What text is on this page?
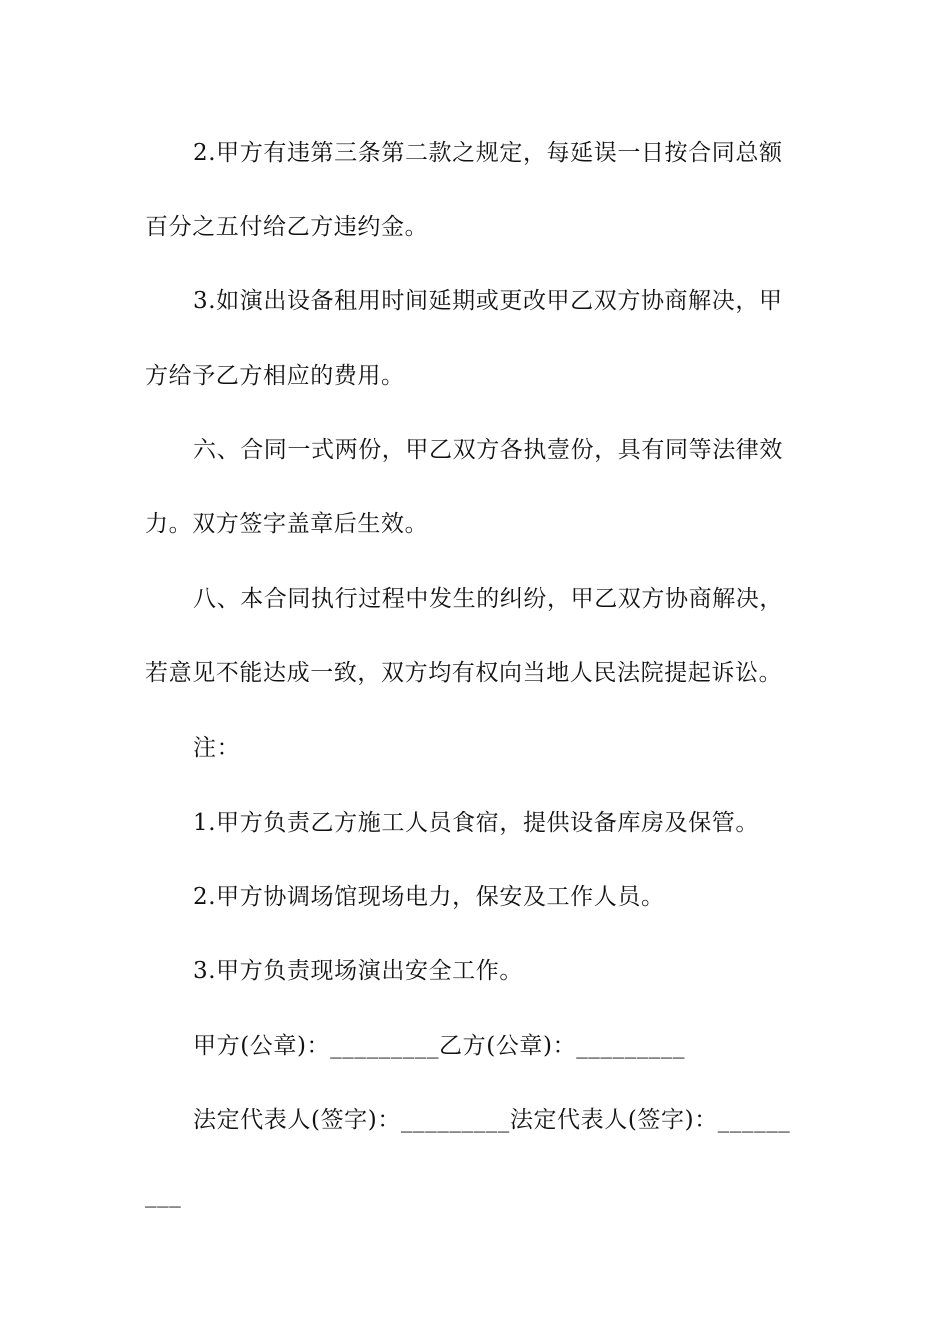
2.甲方有违第三条第二款之规定，每延误一日按合同总额
百分之五付给乙方违约金。
3.如演出设备租用时间延期或更改甲乙双方协商解决，甲
方给予乙方相应的费用。
六、合同一式两份，甲乙双方各执壹份，具有同等法律效
力。双方签字盖章后生效。
八、本合同执行过程中发生的纠纷，甲乙双方协商解决，
若意见不能达成一致，双方均有权向当地人民法院提起诉讼。
注：
1.甲方负责乙方施工人员食宿，提供设备库房及保管。
2.甲方协调场馆现场电力，保安及工作人员。
3.甲方负责现场演出安全工作。
甲方(公章)：_________乙方(公章)：_________
法定代表人(签字)：_________法定代表人(签字)：______
___
